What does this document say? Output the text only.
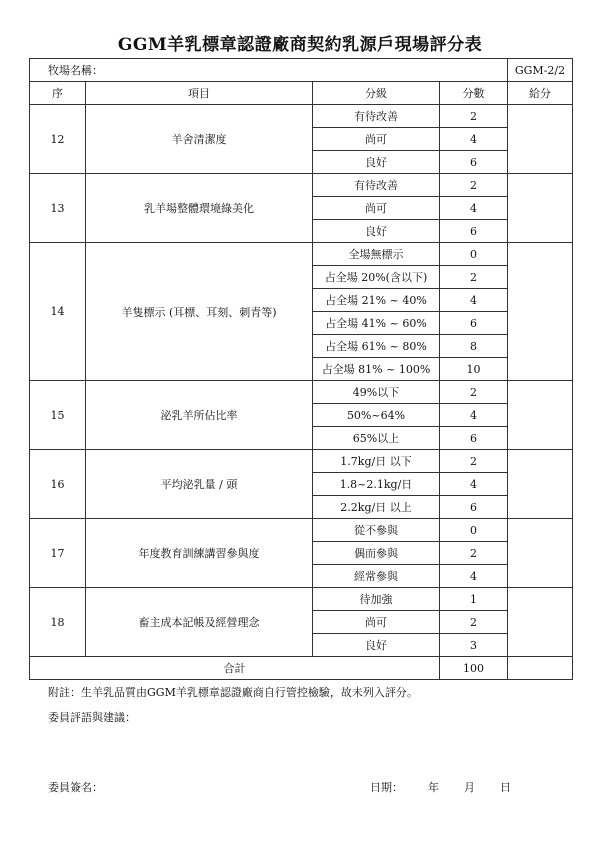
GGM羊乳標章認證廠商契約乳源戶現場評分表
牧場名稱：				GGM-2/2
序	項目	分級	分數	給分
12	羊舍清潔度	有待改善	2	
		尚可	4	
		良好	6	
13	乳羊場整體環境綠美化	有待改善	2	
		尚可	4	
		良好	6	
14	羊隻標示 (耳標、耳刻、刺青等)	全場無標示	0	
		占全場 20%(含以下)	2	
		占全場 21% ~ 40%	4	
		占全場 41% ~ 60%	6	
		占全場 61% ~ 80%	8	
		占全場 81% ~ 100%	10	
15	泌乳羊所佔比率	49%以下	2	
		50%~64%	4	
		65%以上	6	
16	平均泌乳量 / 頭	1.7kg/日 以下	2	
		1.8~2.1kg/日	4	
		2.2kg/日 以上	6	
17	年度教育訓練講習參與度	從不參與	0	
		偶而參與	2	
		經常參與	4	
18	畜主成本記帳及經營理念	待加強	1	
		尚可	2	
		良好	3	
合計			100	
附註：生羊乳品質由GGM羊乳標章認證廠商自行管控檢驗，故未列入評分。
委員評語與建議：
委員簽名：	日期： 年 月 日
